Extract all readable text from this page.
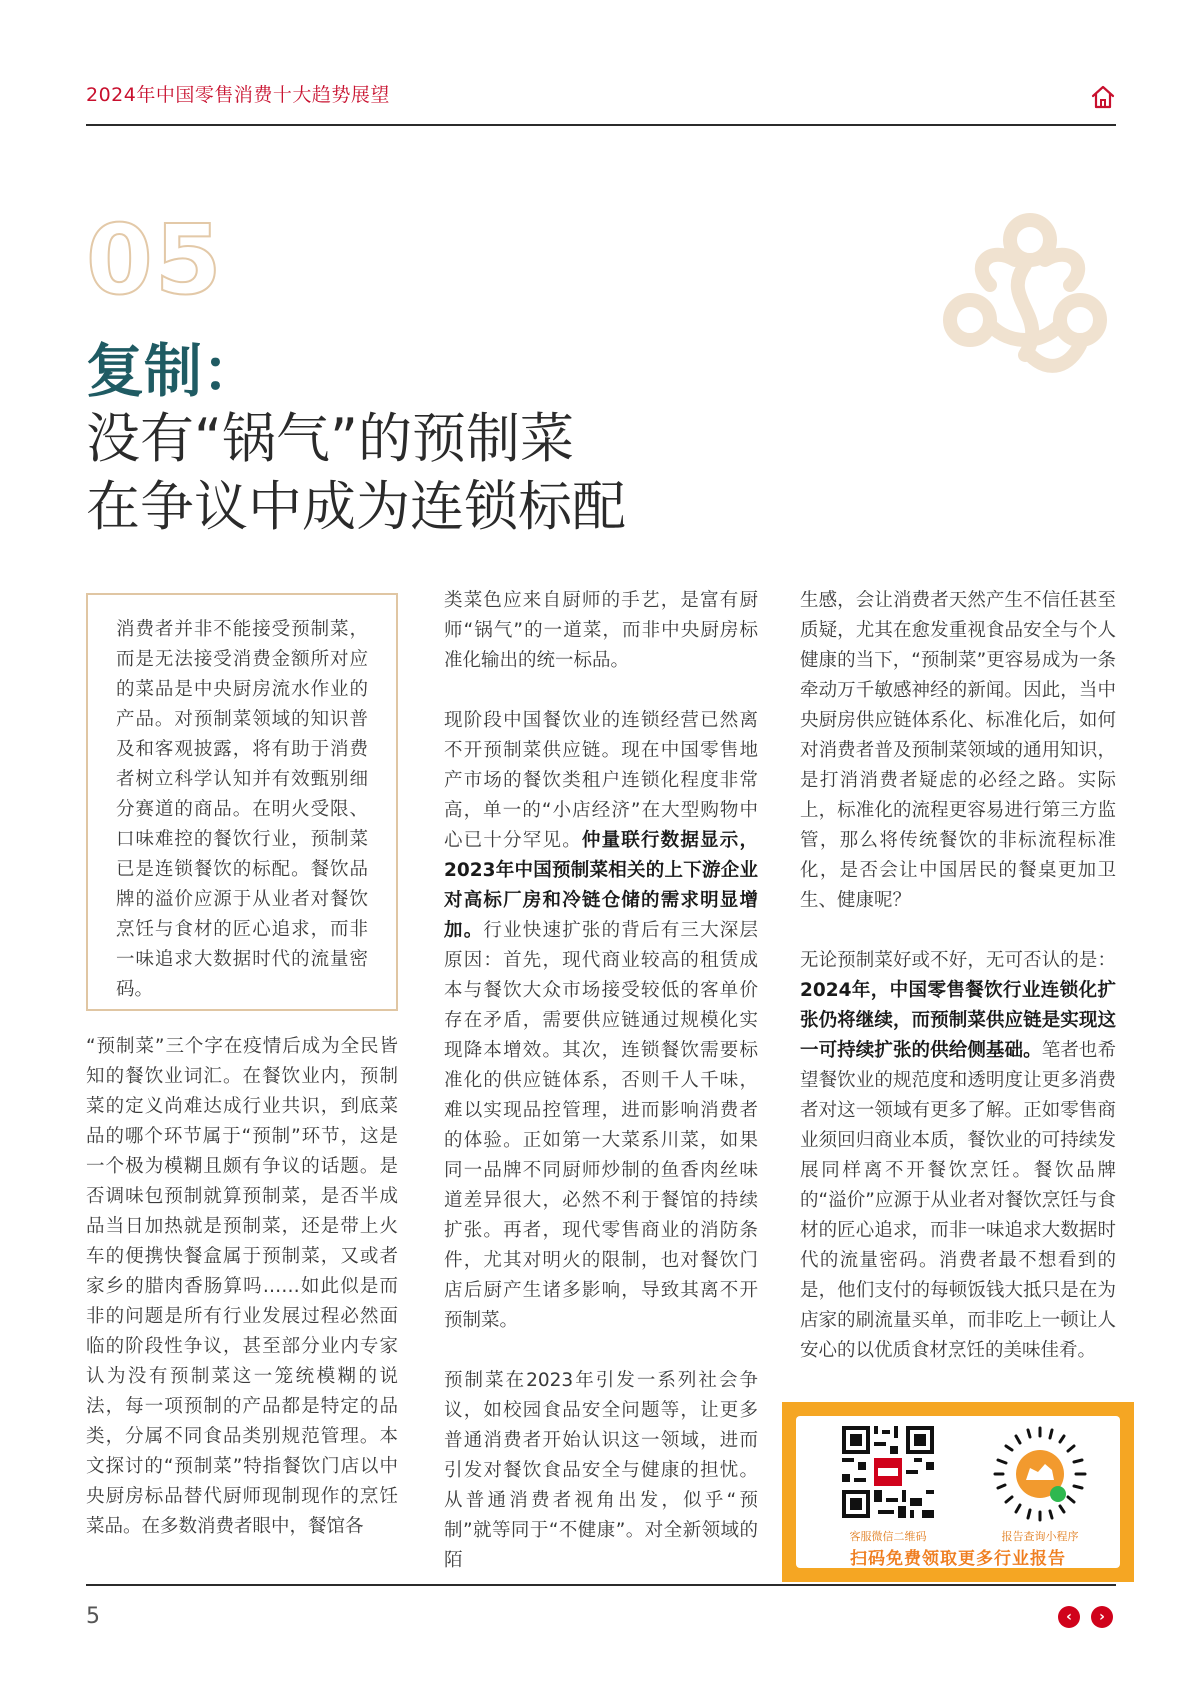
2024年中国零售消费十大趋势展望
05
复制：
没有“锅气”的预制菜
在争议中成为连锁标配

消费者并非不能接受预制菜，而是无法接受消费金额所对应的菜品是中央厨房流水作业的产品。对预制菜领域的知识普及和客观披露，将有助于消费者树立科学认知并有效甄别细分赛道的商品。在明火受限、口味难控的餐饮行业，预制菜已是连锁餐饮的标配。餐饮品牌的溢价应源于从业者对餐饮烹饪与食材的匠心追求，而非一味追求大数据时代的流量密码。

“预制菜”三个字在疫情后成为全民皆知的餐饮业词汇。在餐饮业内，预制菜的定义尚难达成行业共识，到底菜品的哪个环节属于“预制”环节，这是一个极为模糊且颇有争议的话题。是否调味包预制就算预制菜，是否半成品当日加热就是预制菜，还是带上火车的便携快餐盒属于预制菜，又或者家乡的腊肉香肠算吗……如此似是而非的问题是所有行业发展过程必然面临的阶段性争议，甚至部分业内专家认为没有预制菜这一笼统模糊的说法，每一项预制的产品都是特定的品类，分属不同食品类别规范管理。本文探讨的“预制菜”特指餐饮门店以中央厨房标品替代厨师现制现作的烹饪菜品。在多数消费者眼中，餐馆各

类菜色应来自厨师的手艺，是富有厨师“锅气”的一道菜，而非中央厨房标准化输出的统一标品。

现阶段中国餐饮业的连锁经营已然离不开预制菜供应链。现在中国零售地产市场的餐饮类租户连锁化程度非常高，单一的“小店经济”在大型购物中心已十分罕见。仲量联行数据显示，2023年中国预制菜相关的上下游企业对高标厂房和冷链仓储的需求明显增加。行业快速扩张的背后有三大深层原因：首先，现代商业较高的租赁成本与餐饮大众市场接受较低的客单价存在矛盾，需要供应链通过规模化实现降本增效。其次，连锁餐饮需要标准化的供应链体系，否则千人千味，难以实现品控管理，进而影响消费者的体验。正如第一大菜系川菜，如果同一品牌不同厨师炒制的鱼香肉丝味道差异很大，必然不利于餐馆的持续扩张。再者，现代零售商业的消防条件，尤其对明火的限制，也对餐饮门店后厨产生诸多影响，导致其离不开预制菜。

预制菜在2023年引发一系列社会争议，如校园食品安全问题等，让更多普通消费者开始认识这一领域，进而引发对餐饮食品安全与健康的担忧。从普通消费者视角出发，似乎“预制”就等同于“不健康”。对全新领域的陌

生感，会让消费者天然产生不信任甚至质疑，尤其在愈发重视食品安全与个人健康的当下，“预制菜”更容易成为一条牵动万千敏感神经的新闻。因此，当中央厨房供应链体系化、标准化后，如何对消费者普及预制菜领域的通用知识，是打消消费者疑虑的必经之路。实际上，标准化的流程更容易进行第三方监管，那么将传统餐饮的非标流程标准化，是否会让中国居民的餐桌更加卫生、健康呢？

无论预制菜好或不好，无可否认的是：2024年，中国零售餐饮行业连锁化扩张仍将继续，而预制菜供应链是实现这一可持续扩张的供给侧基础。笔者也希望餐饮业的规范度和透明度让更多消费者对这一领域有更多了解。正如零售商业须回归商业本质，餐饮业的可持续发展同样离不开餐饮烹饪。餐饮品牌的“溢价”应源于从业者对餐饮烹饪与食材的匠心追求，而非一味追求大数据时代的流量密码。消费者最不想看到的是，他们支付的每顿饭钱大抵只是在为店家的刷流量买单，而非吃上一顿让人安心的以优质食材烹饪的美味佳肴。

客服微信二维码	报告查询小程序
扫码免费领取更多行业报告
5	‹	›
